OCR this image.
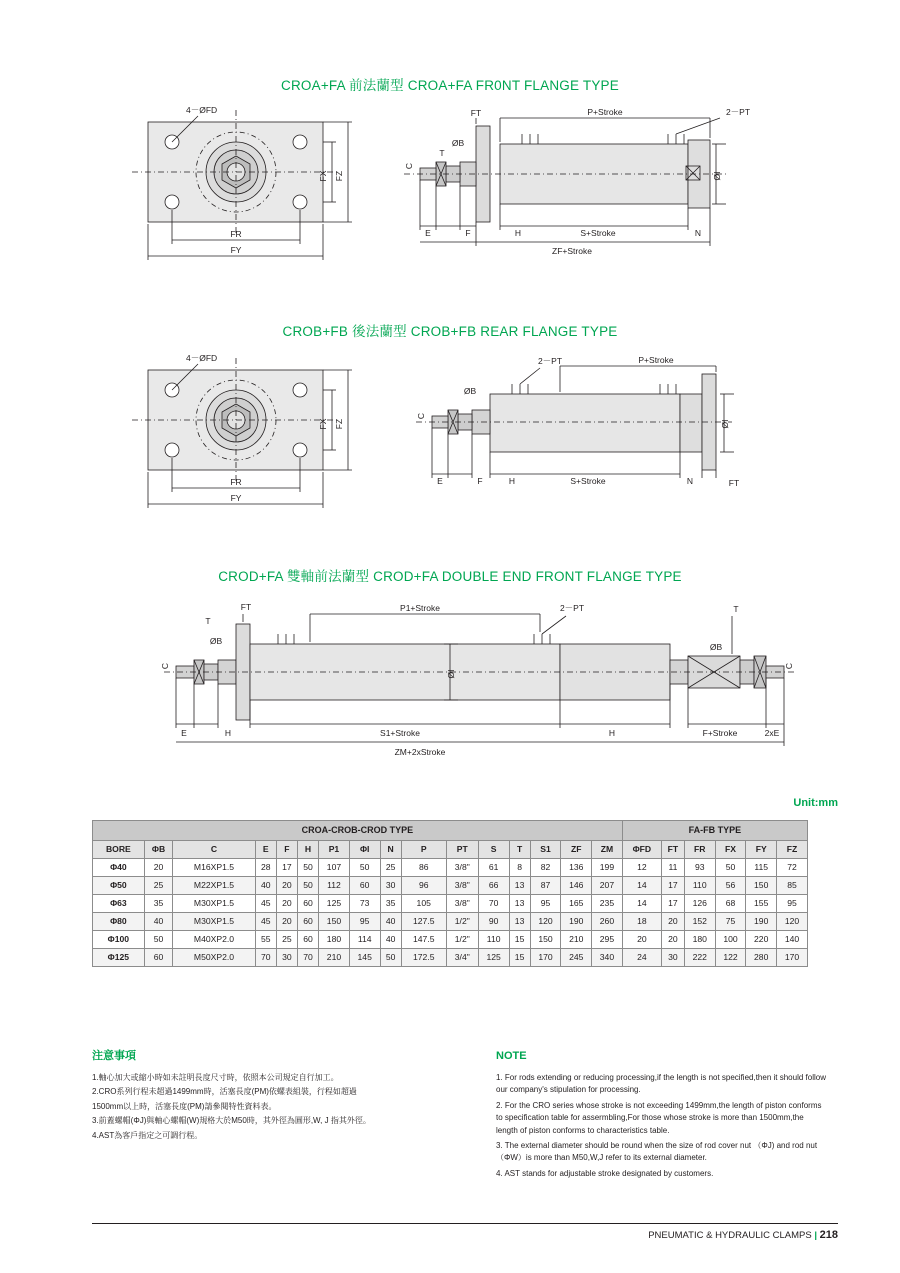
CROA+FA 前法蘭型 CROA+FA FR0NT FLANGE TYPE
4－ØFD
FX FZ
FR
FY
FT	P+Stroke	2－PT
ØB
T
C
ØI
E	F	H	S+Stroke	N
ZF+Stroke
CROB+FB 後法蘭型 CROB+FB REAR FLANGE TYPE
4－ØFD
FX FZ
FR
FY
ØB
2－PT	P+Stroke
ØI
C
E	F	H	S+Stroke	N	FT
CROD+FA 雙軸前法蘭型 CROD+FA DOUBLE END FRONT FLANGE TYPE
FT	P1+Stroke	2－PT	T
ØB
T
C	C
ØI
ØB
E	H	S1+Stroke	H	F+Stroke	2xE
ZM+2xStroke
Unit:mm
CROA-CROB-CROD TYPE																FA-FB TYPE					
BORE	ΦB	C	E	F	H	P1	ΦI	N	P	PT	S	T	S1	ZF	ZM	ΦFD	FT	FR	FX	FY	FZ
Φ40	20	M16XP1.5	28	17	50	107	50	25	86	3/8"	61	8	82	136	199	12	11	93	50	115	72
Φ50	25	M22XP1.5	40	20	50	112	60	30	96	3/8"	66	13	87	146	207	14	17	110	56	150	85
Φ63	35	M30XP1.5	45	20	60	125	73	35	105	3/8"	70	13	95	165	235	14	17	126	68	155	95
Φ80	40	M30XP1.5	45	20	60	150	95	40	127.5	1/2"	90	13	120	190	260	18	20	152	75	190	120
Φ100	50	M40XP2.0	55	25	60	180	114	40	147.5	1/2"	110	15	150	210	295	20	20	180	100	220	140
Φ125	60	M50XP2.0	70	30	70	210	145	50	172.5	3/4"	125	15	170	245	340	24	30	222	122	280	170
注意事項

1.軸心加大或縮小時如未註明長度尺寸時，依照本公司規定自行加工。

2.CRO系列行程未超過1499mm時，活塞長度(PM)依螺表組裝，行程如超過

1500mm以上時，活塞長度(PM)請參閱特性資料表。

3.前蓋螺帽(ΦJ)與軸心螺帽(W)規格大於M50時，其外徑為圓形,W, J 指其外徑。

4.AST為客戶指定之可調行程。

NOTE

1. For rods extending or reducing processing,if the length is not specified,then it should follow our company's stipulation for processing.

2. For the CRO series whose stroke is not exceeding 1499mm,the length of piston conforms to specification table for assermbling,For those whose stroke is more than 1500mm,the length of piston conforms to characteristics table.

3. The external diameter should be round when the size of rod cover nut （ΦJ) and rod nut （ΦW）is more than M50,W,J refer to its external diameter.

4. AST stands for adjustable stroke designated by customers.

PNEUMATIC & HYDRAULIC CLAMPS | 218
